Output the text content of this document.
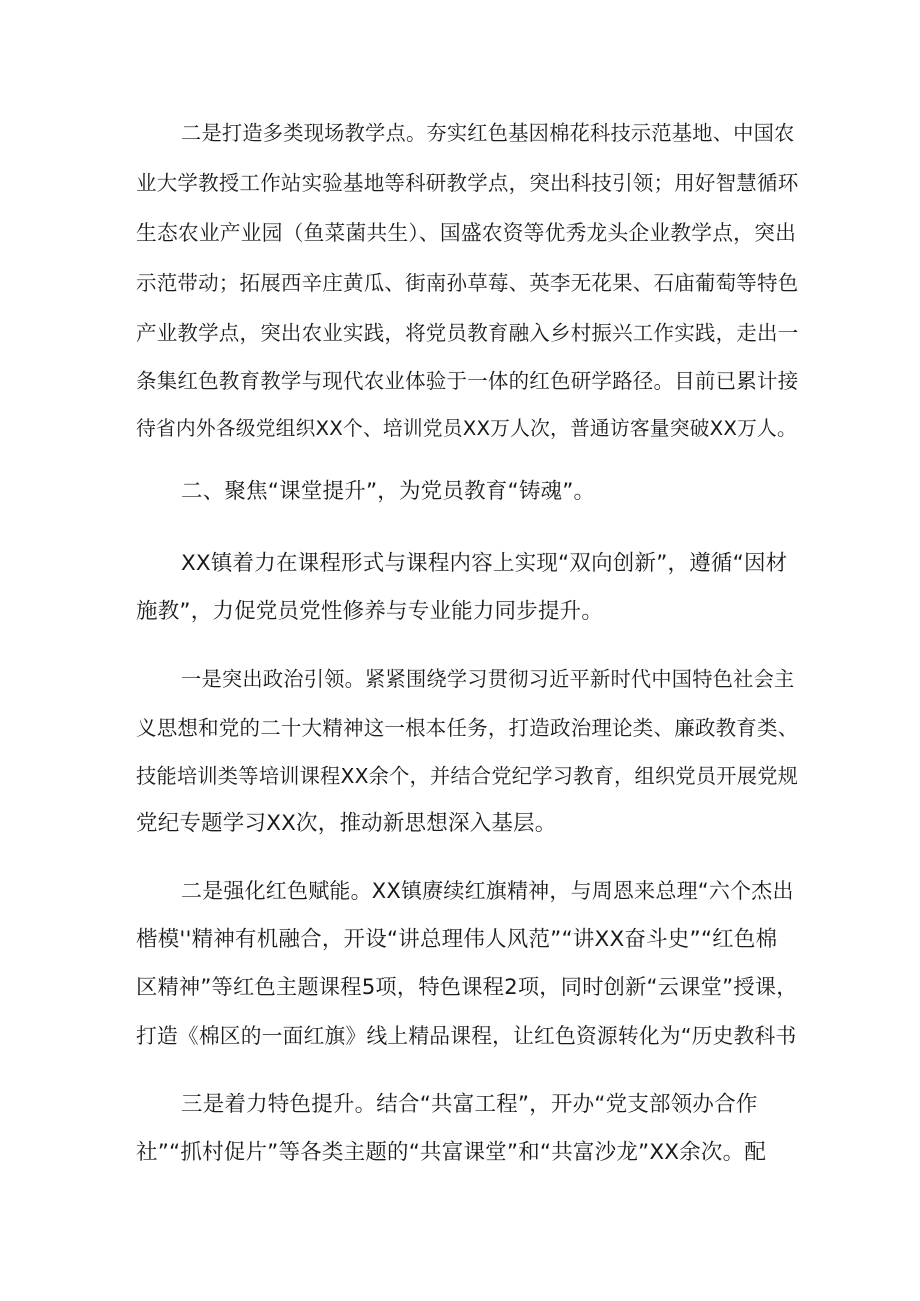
二是打造多类现场教学点。夯实红色基因棉花科技示范基地、中国农
业大学教授工作站实验基地等科研教学点，突出科技引领；用好智慧循环
生态农业产业园（鱼菜菌共生）、国盛农资等优秀龙头企业教学点，突出
示范带动；拓展西辛庄黄瓜、街南孙草莓、英李无花果、石庙葡萄等特色
产业教学点，突出农业实践，将党员教育融入乡村振兴工作实践，走出一
条集红色教育教学与现代农业体验于一体的红色研学路径。目前已累计接
待省内外各级党组织XX个、培训党员XX万人次，普通访客量突破XX万人。
二、聚焦“课堂提升”，为党员教育“铸魂”。
XX镇着力在课程形式与课程内容上实现“双向创新”，遵循“因材
施教”，力促党员党性修养与专业能力同步提升。
一是突出政治引领。紧紧围绕学习贯彻习近平新时代中国特色社会主
义思想和党的二十大精神这一根本任务，打造政治理论类、廉政教育类、
技能培训类等培训课程XX余个，并结合党纪学习教育，组织党员开展党规
党纪专题学习XX次，推动新思想深入基层。
二是强化红色赋能。XX镇赓续红旗精神，与周恩来总理“六个杰出
楷模''精神有机融合，开设“讲总理伟人风范”“讲XX奋斗史”“红色棉
区精神”等红色主题课程5项，特色课程2项，同时创新“云课堂”授课，
打造《棉区的一面红旗》线上精品课程，让红色资源转化为“历史教科书
三是着力特色提升。结合“共富工程”，开办“党支部领办合作
社”“抓村促片”等各类主题的“共富课堂”和“共富沙龙”XX余次。配
